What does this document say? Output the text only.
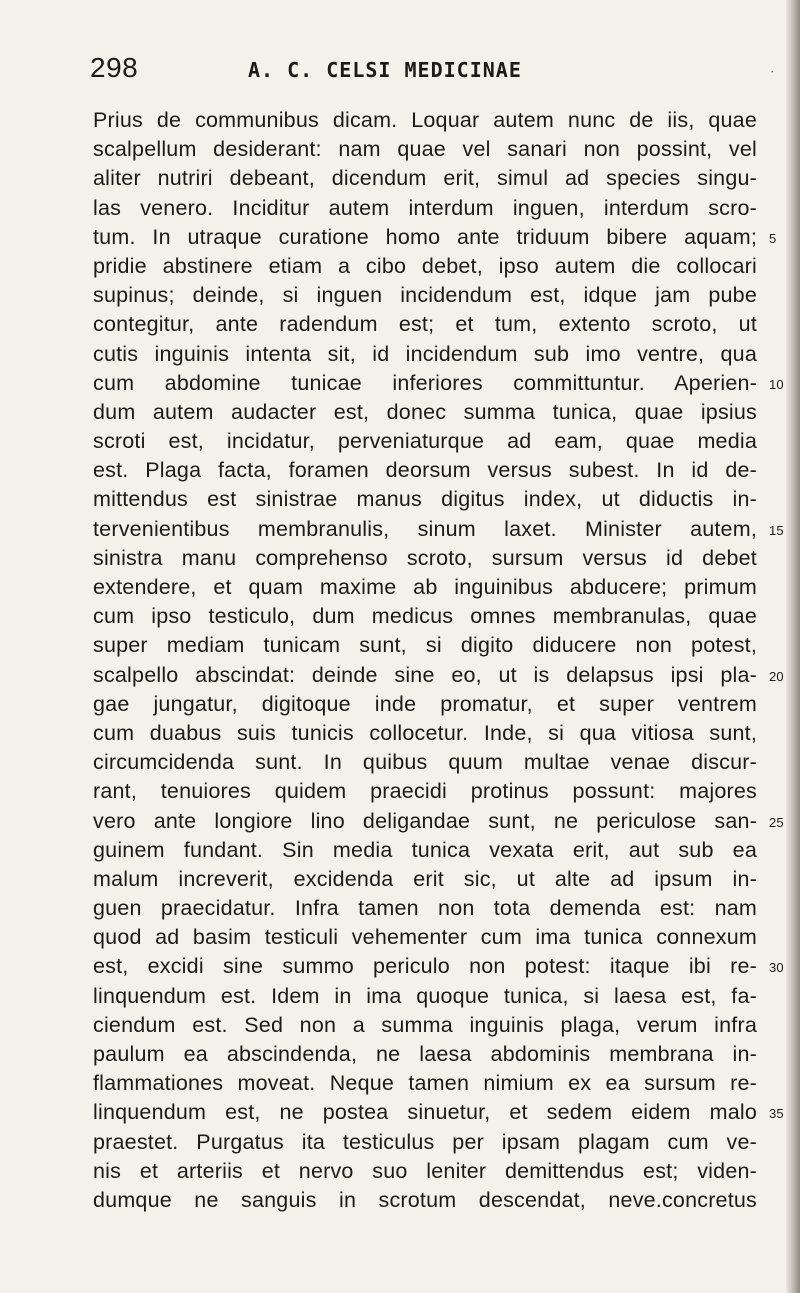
298	A. C. CELSI MEDICINAE	·
Prius de communibus dicam. Loquar autem nunc de iis, quae
scalpellum desiderant: nam quae vel sanari non possint, vel
aliter nutriri debeant, dicendum erit, simul ad species singu-
las venero. Inciditur autem interdum inguen, interdum scro-
tum. In utraque curatione homo ante triduum bibere aquam; 5
pridie abstinere etiam a cibo debet, ipso autem die collocari
supinus; deinde, si inguen incidendum est, idque jam pube
contegitur, ante radendum est; et tum, extento scroto, ut
cutis inguinis intenta sit, id incidendum sub imo ventre, qua
cum abdomine tunicae inferiores committuntur. Aperien- 10
dum autem audacter est, donec summa tunica, quae ipsius
scroti est, incidatur, perveniaturque ad eam, quae media
est. Plaga facta, foramen deorsum versus subest. In id de-
mittendus est sinistrae manus digitus index, ut diductis in-
tervenientibus membranulis, sinum laxet. Minister autem, 15
sinistra manu comprehenso scroto, sursum versus id debet
extendere, et quam maxime ab inguinibus abducere; primum
cum ipso testiculo, dum medicus omnes membranulas, quae
super mediam tunicam sunt, si digito diducere non potest,
scalpello abscindat: deinde sine eo, ut is delapsus ipsi pla- 20
gae jungatur, digitoque inde promatur, et super ventrem
cum duabus suis tunicis collocetur. Inde, si qua vitiosa sunt,
circumcidenda sunt. In quibus quum multae venae discur-
rant, tenuiores quidem praecidi protinus possunt: majores
vero ante longiore lino deligandae sunt, ne periculose san- 25
guinem fundant. Sin media tunica vexata erit, aut sub ea
malum increverit, excidenda erit sic, ut alte ad ipsum in-
guen praecidatur. Infra tamen non tota demenda est: nam
quod ad basim testiculi vehementer cum ima tunica connexum
est, excidi sine summo periculo non potest: itaque ibi re- 30
linquendum est. Idem in ima quoque tunica, si laesa est, fa-
ciendum est. Sed non a summa inguinis plaga, verum infra
paulum ea abscindenda, ne laesa abdominis membrana in-
flammationes moveat. Neque tamen nimium ex ea sursum re-
linquendum est, ne postea sinuetur, et sedem eidem malo 35
praestet. Purgatus ita testiculus per ipsam plagam cum ve-
nis et arteriis et nervo suo leniter demittendus est; viden-
dumque ne sanguis in scrotum descendat, neve.concretus
